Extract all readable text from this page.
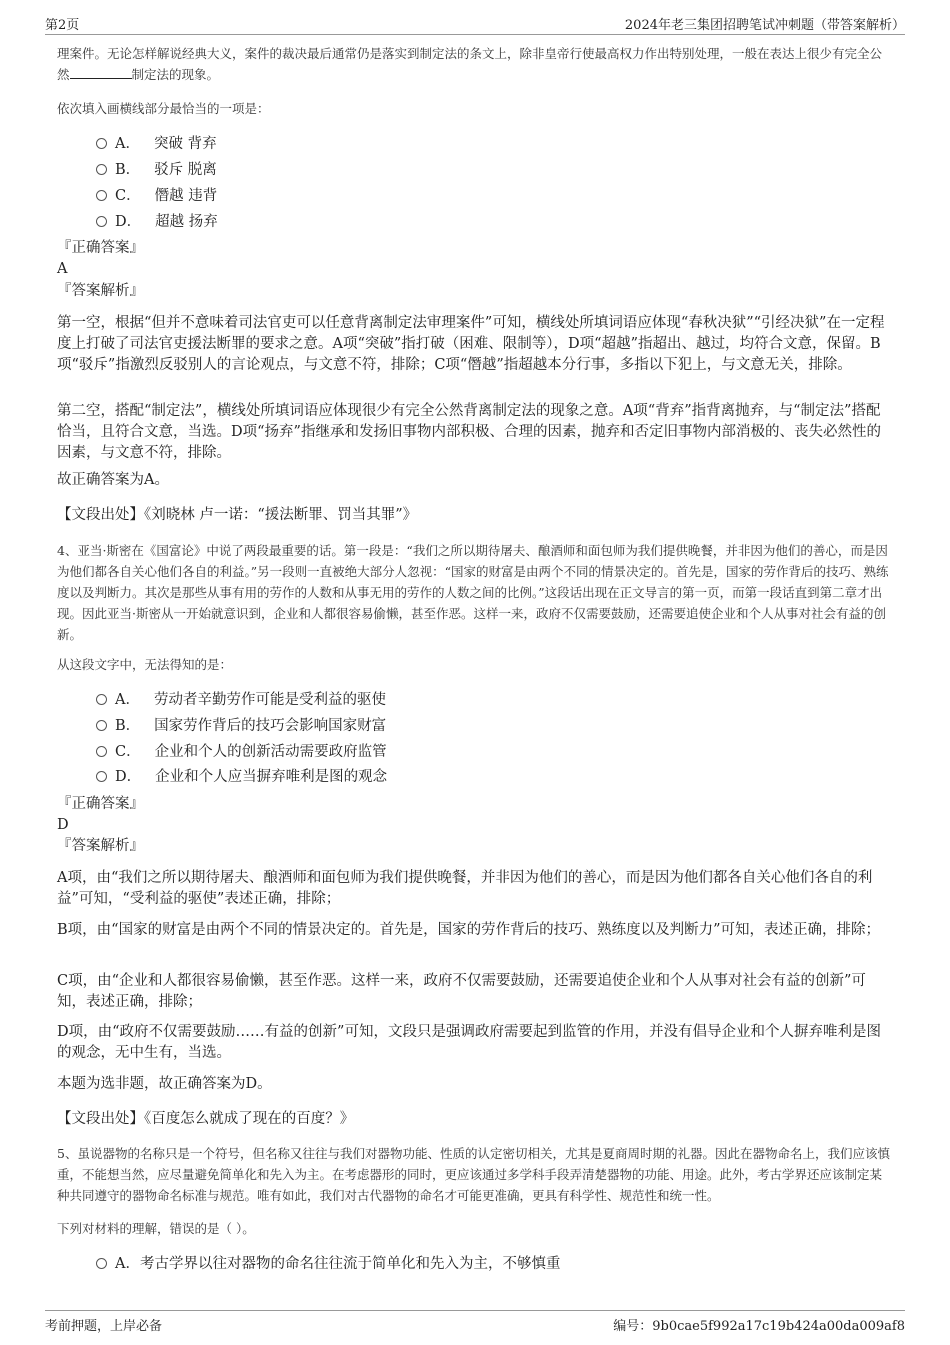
第2页	2024年老三集团招聘笔试冲刺题（带答案解析）
理案件。无论怎样解说经典大义，案件的裁决最后通常仍是落实到制定法的条文上，除非皇帝行使最高权力作出特别处理，一般在表达上很少有完全公然	制定法的现象。
依次填入画横线部分最恰当的一项是：
A． 突破 背弃
B． 驳斥 脱离
C． 僭越 违背
D． 超越 扬弃
『正确答案』
A
『答案解析』
第一空，根据“但并不意味着司法官吏可以任意背离制定法审理案件”可知，横线处所填词语应体现“春秋决狱”“引经决狱”在一定程度上打破了司法官吏援法断罪的要求之意。A项“突破”指打破（困难、限制等），D项“超越”指超出、越过，均符合文意，保留。B项“驳斥”指激烈反驳别人的言论观点，与文意不符，排除；C项“僭越”指超越本分行事，多指以下犯上，与文意无关，排除。
第二空，搭配“制定法”，横线处所填词语应体现很少有完全公然背离制定法的现象之意。A项“背弃”指背离抛弃，与“制定法”搭配恰当，且符合文意，当选。D项“扬弃”指继承和发扬旧事物内部积极、合理的因素，抛弃和否定旧事物内部消极的、丧失必然性的因素，与文意不符，排除。
故正确答案为A。
【文段出处】《刘晓林 卢一诺：“援法断罪、罚当其罪”》
4、亚当·斯密在《国富论》中说了两段最重要的话。第一段是：“我们之所以期待屠夫、酿酒师和面包师为我们提供晚餐，并非因为他们的善心，而是因为他们都各自关心他们各自的利益。”另一段则一直被绝大部分人忽视：“国家的财富是由两个不同的情景决定的。首先是，国家的劳作背后的技巧、熟练度以及判断力。其次是那些从事有用的劳作的人数和从事无用的劳作的人数之间的比例。”这段话出现在正文导言的第一页，而第一段话直到第二章才出现。因此亚当·斯密从一开始就意识到，企业和人都很容易偷懒，甚至作恶。这样一来，政府不仅需要鼓励，还需要追使企业和个人从事对社会有益的创新。
从这段文字中，无法得知的是：
A． 劳动者辛勤劳作可能是受利益的驱使
B． 国家劳作背后的技巧会影响国家财富
C． 企业和个人的创新活动需要政府监管
D． 企业和个人应当摒弃唯利是图的观念
『正确答案』
D
『答案解析』
A项，由“我们之所以期待屠夫、酿酒师和面包师为我们提供晚餐，并非因为他们的善心，而是因为他们都各自关心他们各自的利益”可知，“受利益的驱使”表述正确，排除；
B项，由“国家的财富是由两个不同的情景决定的。首先是，国家的劳作背后的技巧、熟练度以及判断力”可知，表述正确，排除；
C项，由“企业和人都很容易偷懒，甚至作恶。这样一来，政府不仅需要鼓励，还需要追使企业和个人从事对社会有益的创新”可知，表述正确，排除；
D项，由“政府不仅需要鼓励……有益的创新”可知，文段只是强调政府需要起到监管的作用，并没有倡导企业和个人摒弃唯利是图的观念，无中生有，当选。
本题为选非题，故正确答案为D。
【文段出处】《百度怎么就成了现在的百度？》
5、虽说器物的名称只是一个符号，但名称又往往与我们对器物功能、性质的认定密切相关，尤其是夏商周时期的礼器。因此在器物命名上，我们应该慎重，不能想当然，应尽量避免简单化和先入为主。在考虑器形的同时，更应该通过多学科手段弄清楚器物的功能、用途。此外，考古学界还应该制定某种共同遵守的器物命名标准与规范。唯有如此，我们对古代器物的命名才可能更准确，更具有科学性、规范性和统一性。
下列对材料的理解，错误的是（ ）。
A．考古学界以往对器物的命名往往流于简单化和先入为主，不够慎重
考前押题，上岸必备	编号：9b0cae5f992a17c19b424a00da009af8
